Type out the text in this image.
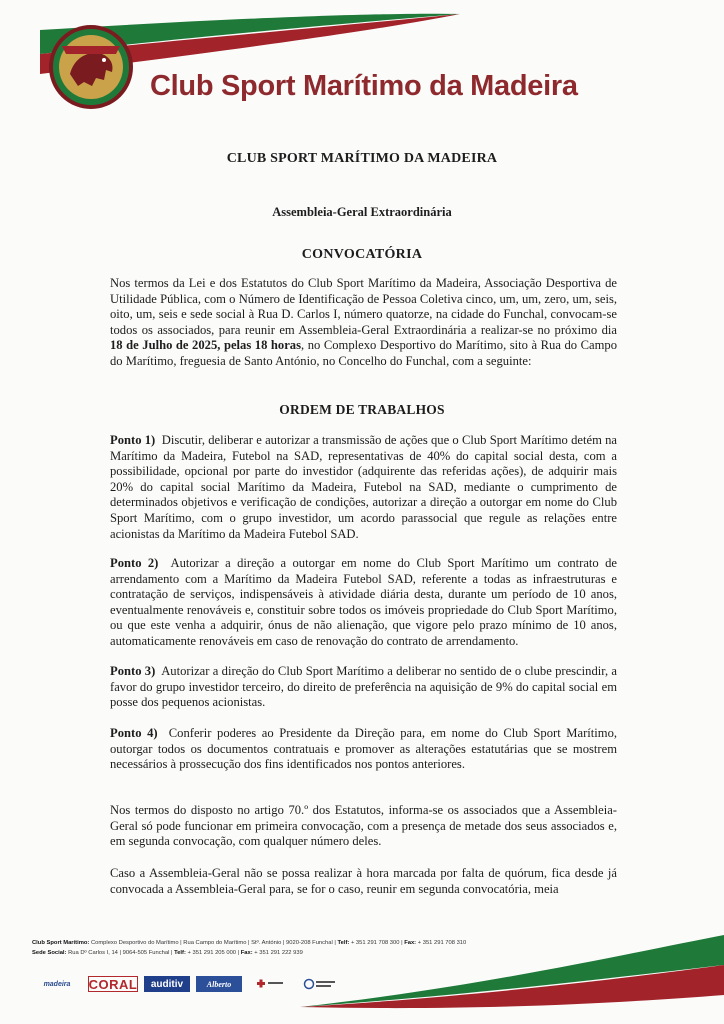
Club Sport Marítimo da Madeira
CLUB SPORT MARÍTIMO DA MADEIRA
Assembleia-Geral Extraordinária
CONVOCATÓRIA

Nos termos da Lei e dos Estatutos do Club Sport Marítimo da Madeira, Associação Desportiva de Utilidade Pública, com o Número de Identificação de Pessoa Coletiva cinco, um, um, zero, um, seis, oito, um, seis e sede social à Rua D. Carlos I, número quatorze, na cidade do Funchal, convocam-se todos os associados, para reunir em Assembleia-Geral Extraordinária a realizar-se no próximo dia 18 de Julho de 2025, pelas 18 horas, no Complexo Desportivo do Marítimo, sito à Rua do Campo do Marítimo, freguesia de Santo António, no Concelho do Funchal, com a seguinte:

ORDEM DE TRABALHOS

Ponto 1) Discutir, deliberar e autorizar a transmissão de ações que o Club Sport Marítimo detém na Marítimo da Madeira, Futebol na SAD, representativas de 40% do capital social desta, com a possibilidade, opcional por parte do investidor (adquirente das referidas ações), de adquirir mais 20% do capital social Marítimo da Madeira, Futebol na SAD, mediante o cumprimento de determinados objetivos e verificação de condições, autorizar a direção a outorgar em nome do Club Sport Marítimo, com o grupo investidor, um acordo parassocial que regule as relações entre acionistas da Marítimo da Madeira Futebol SAD.

Ponto 2) Autorizar a direção a outorgar em nome do Club Sport Marítimo um contrato de arrendamento com a Marítimo da Madeira Futebol SAD, referente a todas as infraestruturas e contratação de serviços, indispensáveis à atividade diária desta, durante um período de 10 anos, eventualmente renováveis e, constituir sobre todos os imóveis propriedade do Club Sport Marítimo, ou que este venha a adquirir, ónus de não alienação, que vigore pelo prazo mínimo de 10 anos, automaticamente renováveis em caso de renovação do contrato de arrendamento.

Ponto 3) Autorizar a direção do Club Sport Marítimo a deliberar no sentido de o clube prescindir, a favor do grupo investidor terceiro, do direito de preferência na aquisição de 9% do capital social em posse dos pequenos acionistas.

Ponto 4) Conferir poderes ao Presidente da Direção para, em nome do Club Sport Marítimo, outorgar todos os documentos contratuais e promover as alterações estatutárias que se mostrem necessários à prossecução dos fins identificados nos pontos anteriores.

Nos termos do disposto no artigo 70.º dos Estatutos, informa-se os associados que a Assembleia-Geral só pode funcionar em primeira convocação, com a presença de metade dos seus associados e, em segunda convocação, com qualquer número deles.

Caso a Assembleia-Geral não se possa realizar à hora marcada por falta de quórum, fica desde já convocada a Assembleia-Geral para, se for o caso, reunir em segunda convocatória, meia

Club Sport Marítimo: Complexo Desportivo do Marítimo | Rua Campo do Marítimo | Stº. António | 9020-208 Funchal | Telf: + 351 291 708 300 | Fax: + 351 291 708 310
Sede Social: Rua Dº Carlos I, 14 | 9064-505 Funchal | Telf: + 351 291 205 000 | Fax: + 351 291 222 939
madeira	CORAL	auditiv	Alberto
